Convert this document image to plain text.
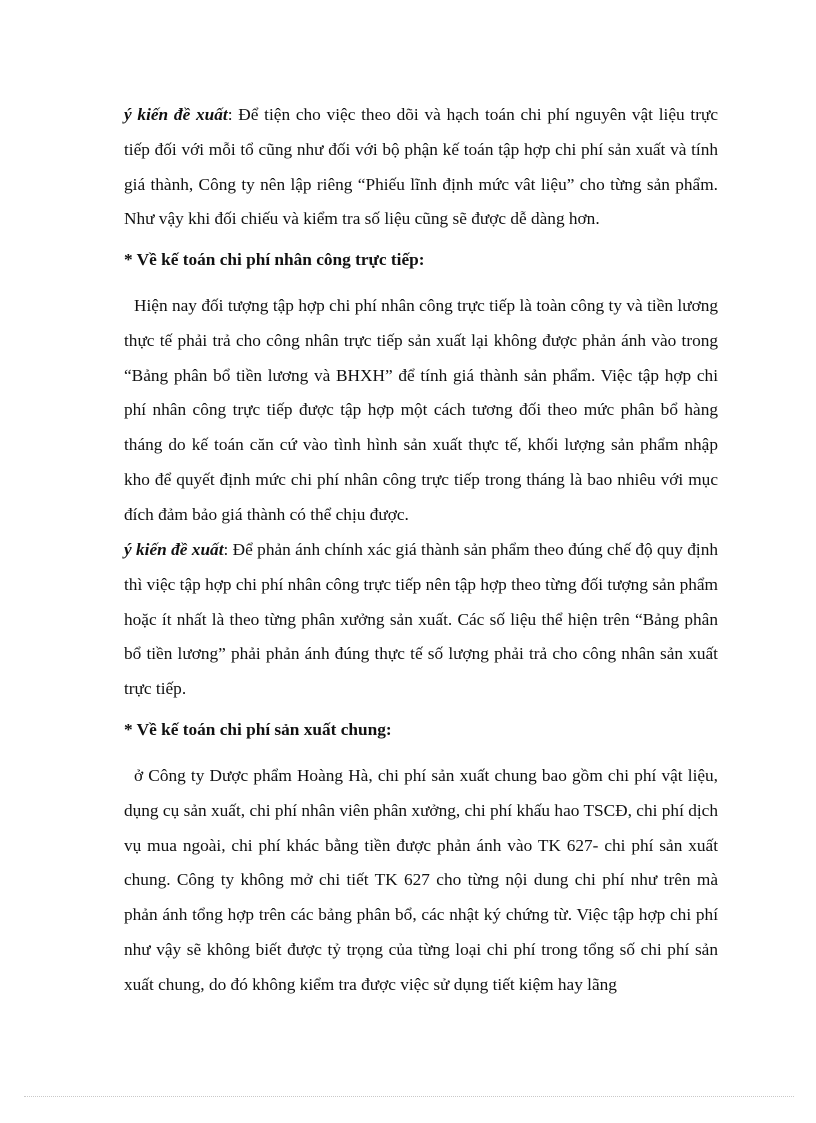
ý kiến đề xuất: Để tiện cho việc theo dõi và hạch toán chi phí nguyên vật liệu trực tiếp đối với mỗi tổ cũng như đối với bộ phận kế toán tập hợp chi phí sản xuất và tính giá thành, Công ty nên lập riêng “Phiếu lĩnh định mức vât liệu” cho từng sản phẩm. Như vậy khi đối chiếu và kiểm tra số liệu cũng sẽ được dễ dàng hơn.

* Về kế toán chi phí nhân công trực tiếp:

Hiện nay đối tượng tập hợp chi phí nhân công trực tiếp là toàn công ty và tiền lương thực tế phải trả cho công nhân trực tiếp sản xuất lại không được phản ánh vào trong “Bảng phân bổ tiền lương và BHXH” để tính giá thành sản phẩm. Việc tập hợp chi phí nhân công trực tiếp được tập hợp một cách tương đối theo mức phân bổ hàng tháng do kế toán căn cứ vào tình hình sản xuất thực tế, khối lượng sản phẩm nhập kho để quyết định mức chi phí nhân công trực tiếp trong tháng là bao nhiêu với mục đích đảm bảo giá thành có thể chịu được.

ý kiến đề xuất: Để phản ánh chính xác giá thành sản phẩm theo đúng chế độ quy định thì việc tập hợp chi phí nhân công trực tiếp nên tập hợp theo từng đối tượng sản phẩm hoặc ít nhất là theo từng phân xưởng sản xuất. Các số liệu thể hiện trên “Bảng phân bổ tiền lương” phải phản ánh đúng thực tế số lượng phải trả cho công nhân sản xuất trực tiếp.

* Về kế toán chi phí sản xuất chung:

ở Công ty Dược phẩm Hoàng Hà, chi phí sản xuất chung bao gồm chi phí vật liệu, dụng cụ sản xuất, chi phí nhân viên phân xưởng, chi phí khấu hao TSCĐ, chi phí dịch vụ mua ngoài, chi phí khác bằng tiền được phản ánh vào TK 627- chi phí sản xuất chung. Công ty không mở chi tiết TK 627 cho từng nội dung chi phí như trên mà phản ánh tổng hợp trên các bảng phân bổ, các nhật ký chứng từ. Việc tập hợp chi phí như vậy sẽ không biết được tỷ trọng của từng loại chi phí trong tổng số chi phí sản xuất chung, do đó không kiểm tra được việc sử dụng tiết kiệm hay lãng
